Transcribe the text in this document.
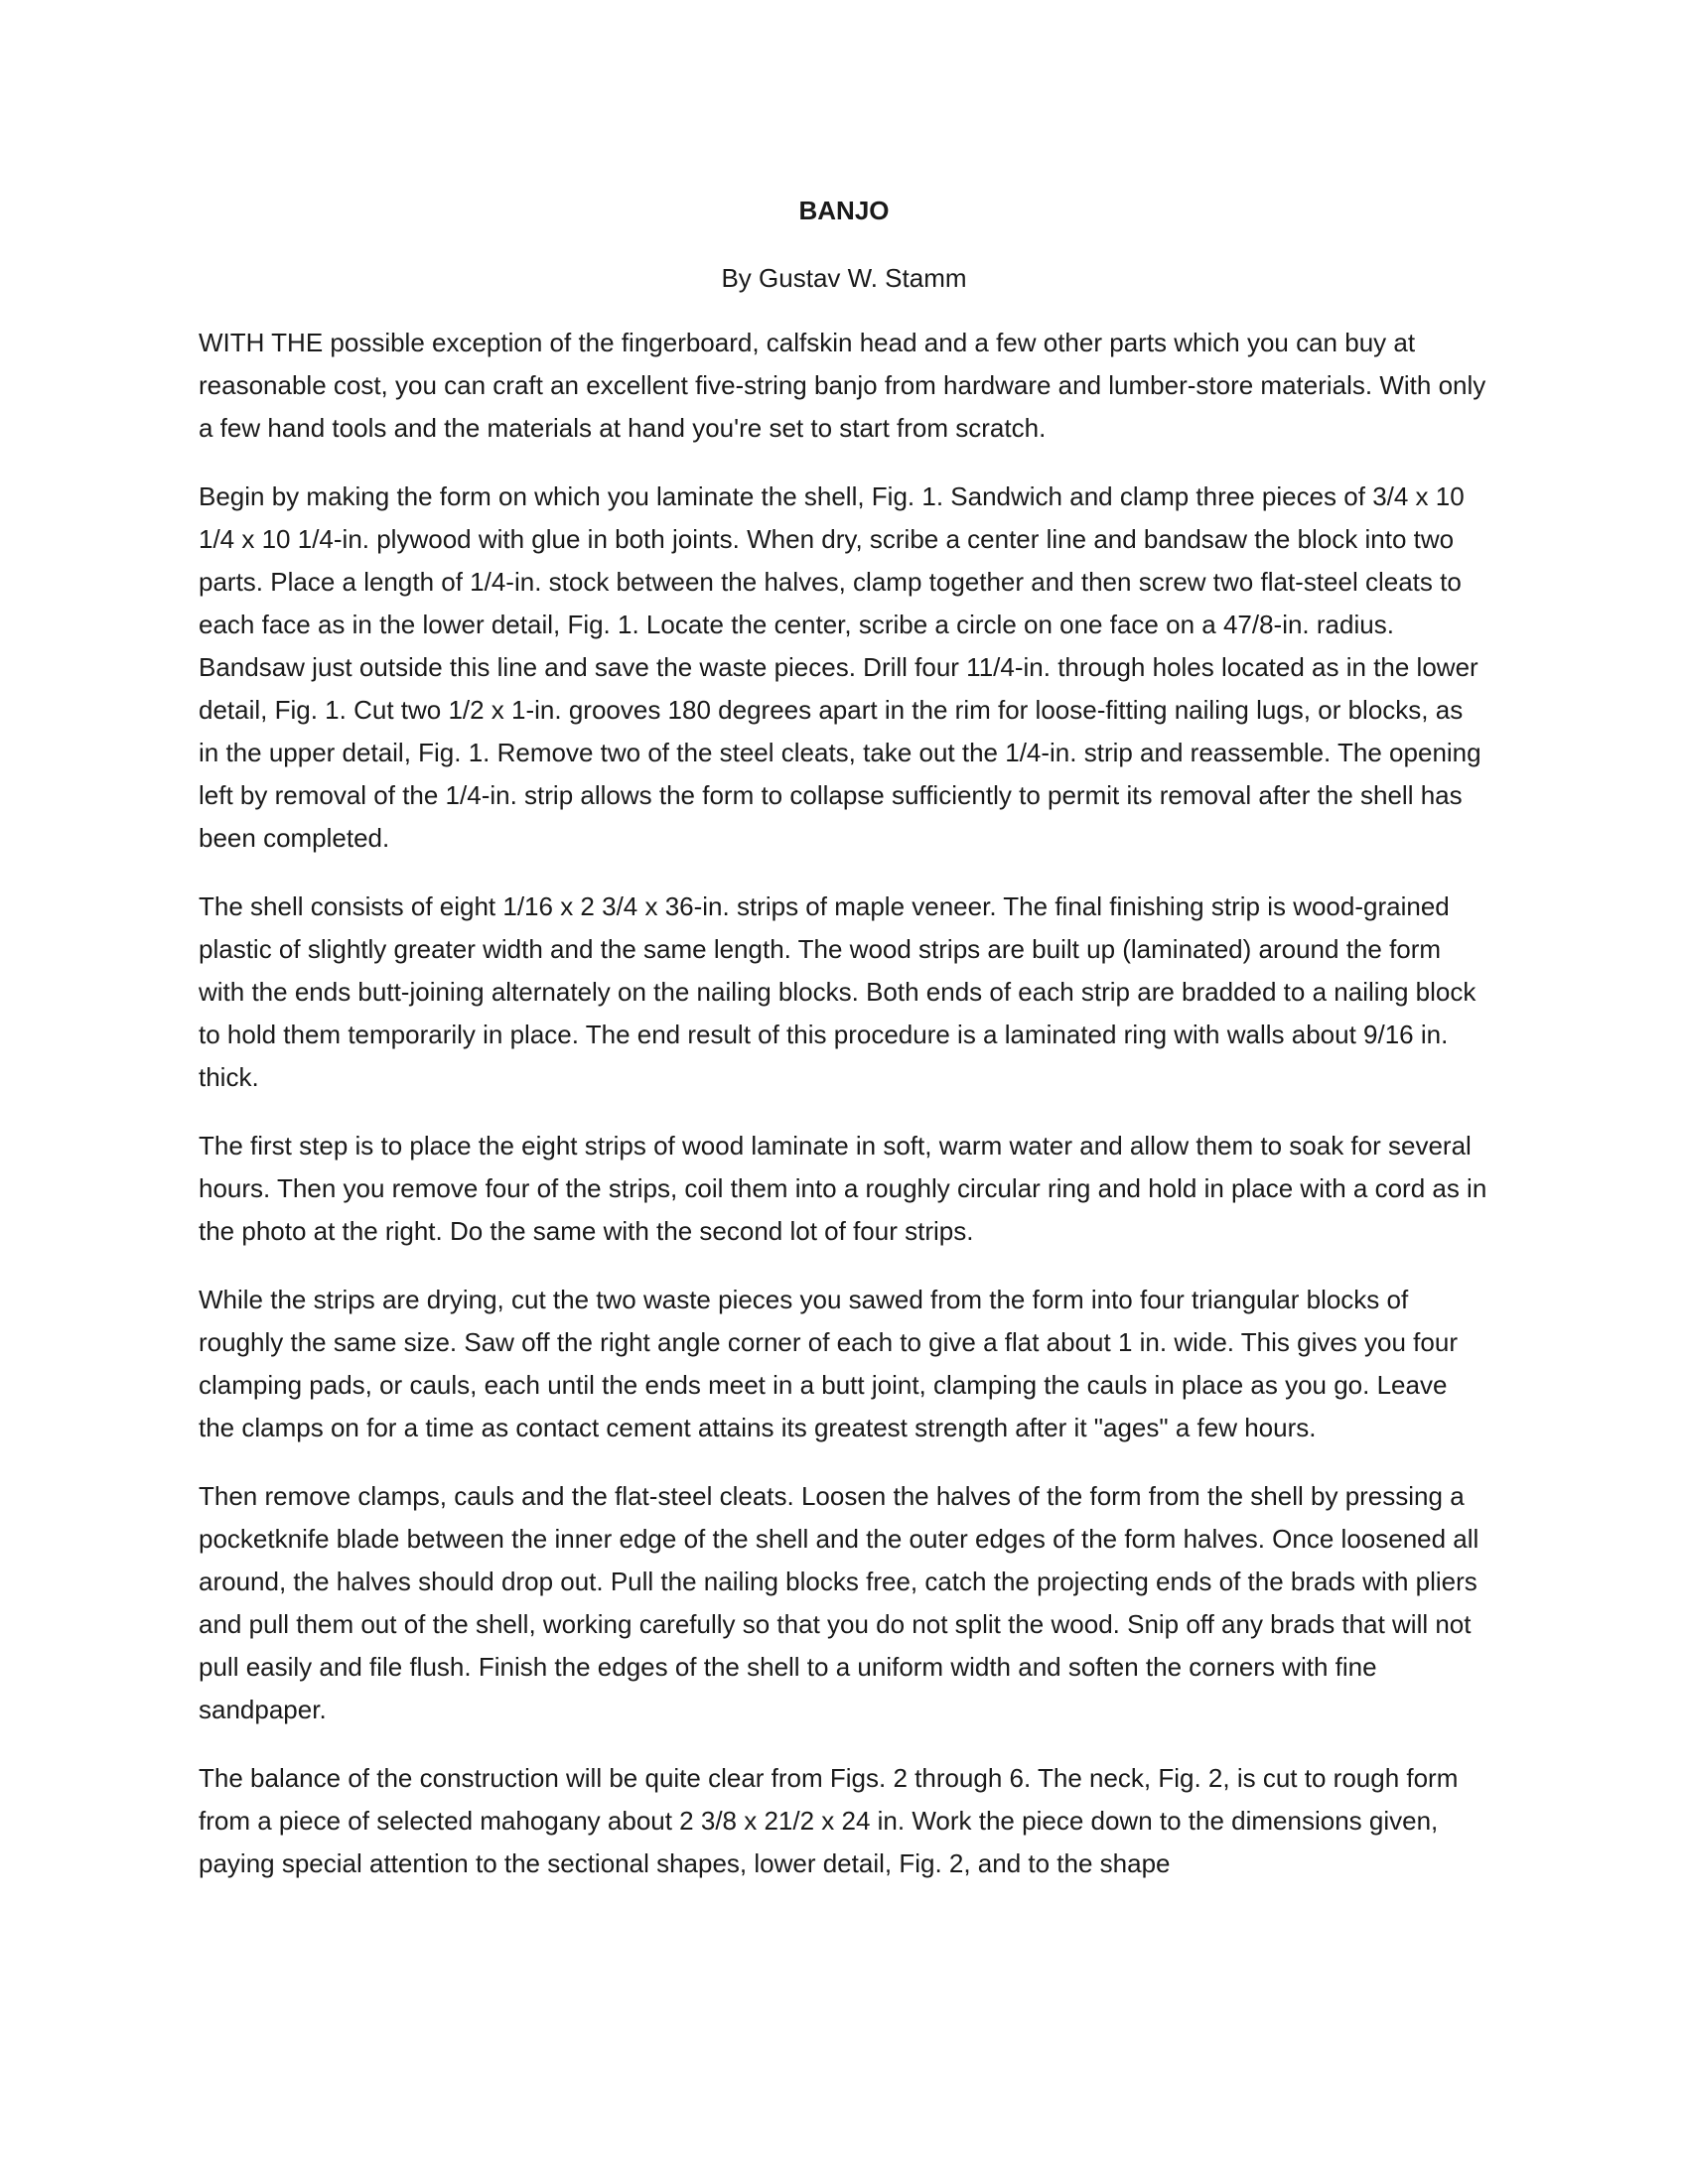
BANJO
By Gustav W. Stamm

WITH THE possible exception of the fingerboard, calfskin head and a few other parts which you can buy at reasonable cost, you can craft an excellent five-string banjo from hardware and lumber-store materials. With only a few hand tools and the materials at hand you're set to start from scratch.

Begin by making the form on which you laminate the shell, Fig. 1. Sandwich and clamp three pieces of 3/4 x 10 1/4 x 10 1/4-in. plywood with glue in both joints. When dry, scribe a center line and bandsaw the block into two parts. Place a length of 1/4-in. stock between the halves, clamp together and then screw two flat-steel cleats to each face as in the lower detail, Fig. 1. Locate the center, scribe a circle on one face on a 47/8-in. radius. Bandsaw just outside this line and save the waste pieces. Drill four 11/4-in. through holes located as in the lower detail, Fig. 1. Cut two 1/2 x 1-in. grooves 180 degrees apart in the rim for loose-fitting nailing lugs, or blocks, as in the upper detail, Fig. 1. Remove two of the steel cleats, take out the 1/4-in. strip and reassemble. The opening left by removal of the 1/4-in. strip allows the form to collapse sufficiently to permit its removal after the shell has been completed.

The shell consists of eight 1/16 x 2 3/4 x 36-in. strips of maple veneer. The final finishing strip is wood-grained plastic of slightly greater width and the same length. The wood strips are built up (laminated) around the form with the ends butt-joining alternately on the nailing blocks. Both ends of each strip are bradded to a nailing block to hold them temporarily in place. The end result of this procedure is a laminated ring with walls about 9/16 in. thick.

The first step is to place the eight strips of wood laminate in soft, warm water and allow them to soak for several hours. Then you remove four of the strips, coil them into a roughly circular ring and hold in place with a cord as in the photo at the right. Do the same with the second lot of four strips.

While the strips are drying, cut the two waste pieces you sawed from the form into four triangular blocks of roughly the same size. Saw off the right angle corner of each to give a flat about 1 in. wide. This gives you four clamping pads, or cauls, each until the ends meet in a butt joint, clamping the cauls in place as you go. Leave the clamps on for a time as contact cement attains its greatest strength after it "ages" a few hours.

Then remove clamps, cauls and the flat-steel cleats. Loosen the halves of the form from the shell by pressing a pocketknife blade between the inner edge of the shell and the outer edges of the form halves. Once loosened all around, the halves should drop out. Pull the nailing blocks free, catch the projecting ends of the brads with pliers and pull them out of the shell, working carefully so that you do not split the wood. Snip off any brads that will not pull easily and file flush. Finish the edges of the shell to a uniform width and soften the corners with fine sandpaper.

The balance of the construction will be quite clear from Figs. 2 through 6. The neck, Fig. 2, is cut to rough form from a piece of selected mahogany about 2 3/8 x 21/2 x 24 in. Work the piece down to the dimensions given, paying special attention to the sectional shapes, lower detail, Fig. 2, and to the shape
